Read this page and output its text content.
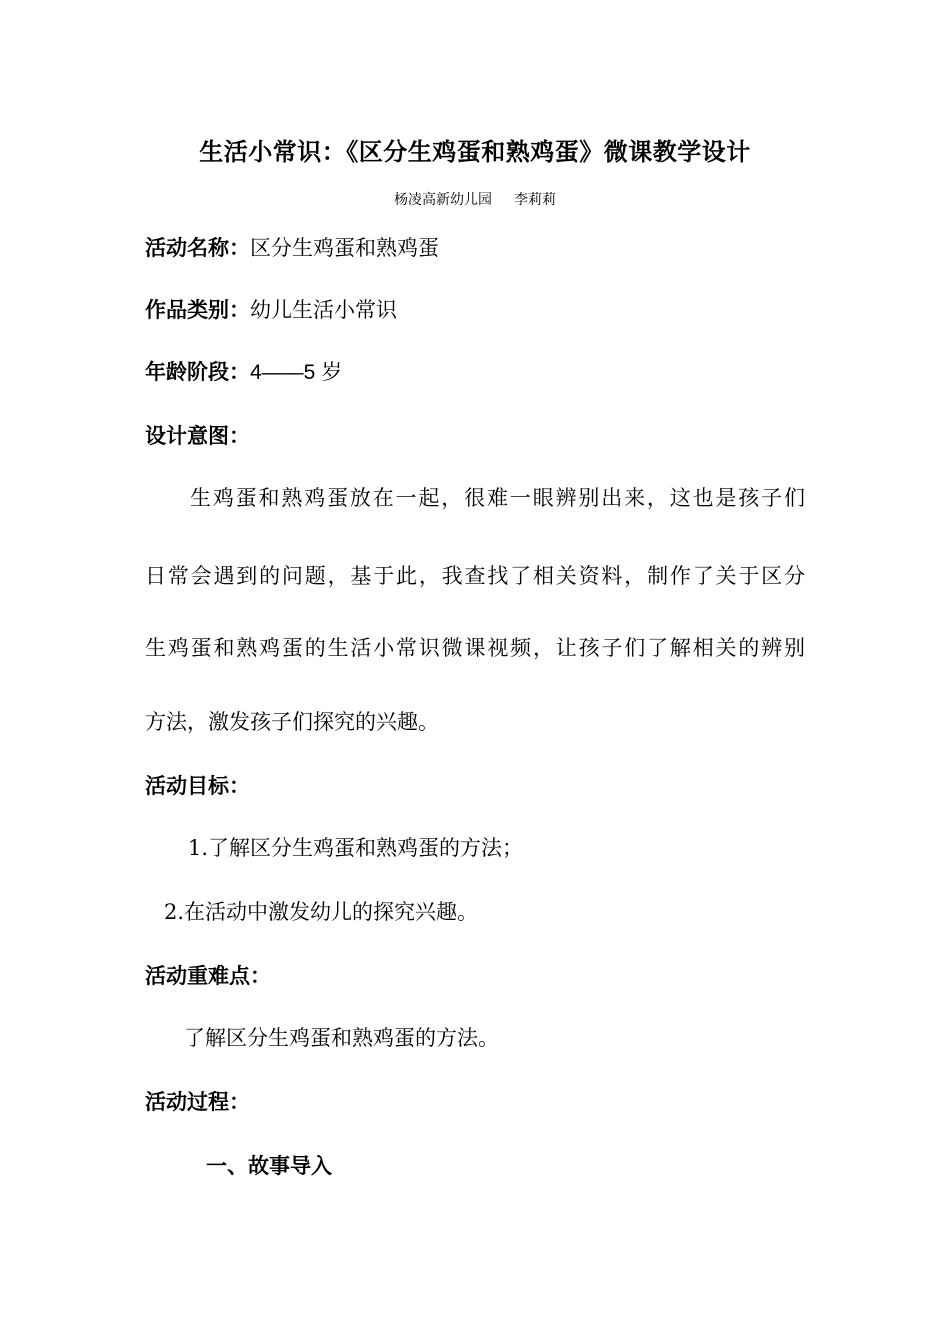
生活小常识：《区分生鸡蛋和熟鸡蛋》微课教学设计
杨凌高新幼儿园 李莉莉
活动名称：区分生鸡蛋和熟鸡蛋
作品类别：幼儿生活小常识
年龄阶段：4——5 岁
设计意图：
生鸡蛋和熟鸡蛋放在一起，很难一眼辨别出来，这也是孩子们
日常会遇到的问题，基于此，我查找了相关资料，制作了关于区分
生鸡蛋和熟鸡蛋的生活小常识微课视频，让孩子们了解相关的辨别
方法，激发孩子们探究的兴趣。
活动目标：
1.了解区分生鸡蛋和熟鸡蛋的方法；
2.在活动中激发幼儿的探究兴趣。
活动重难点：
了解区分生鸡蛋和熟鸡蛋的方法。
活动过程：
一、故事导入
